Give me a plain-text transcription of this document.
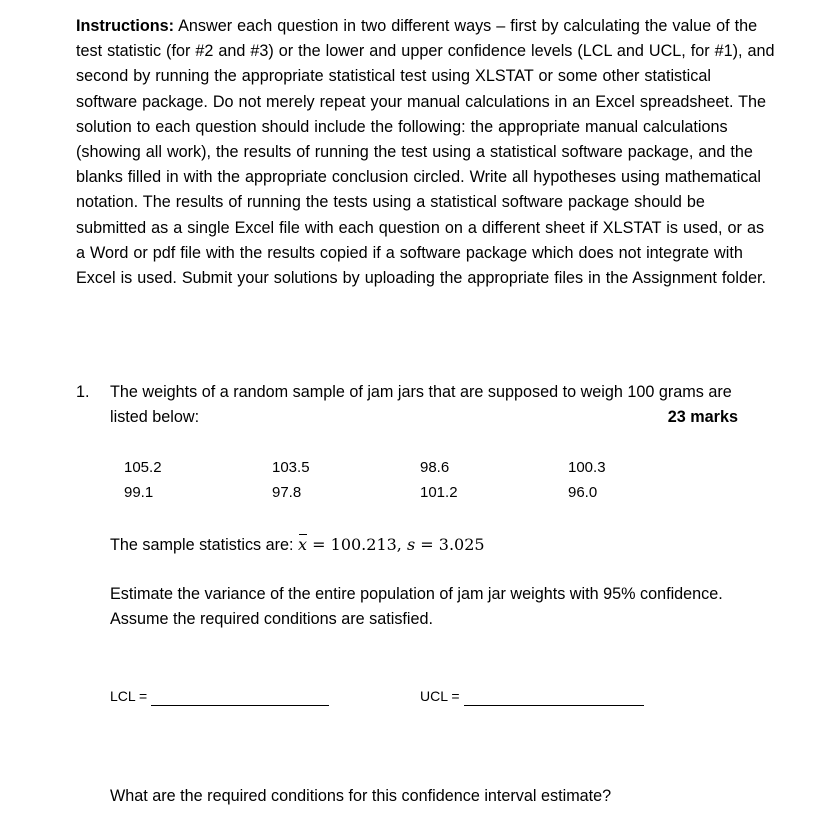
Instructions: Answer each question in two different ways – first by calculating the value of the test statistic (for #2 and #3) or the lower and upper confidence levels (LCL and UCL, for #1), and second by running the appropriate statistical test using XLSTAT or some other statistical software package. Do not merely repeat your manual calculations in an Excel spreadsheet. The solution to each question should include the following: the appropriate manual calculations (showing all work), the results of running the test using a statistical software package, and the blanks filled in with the appropriate conclusion circled. Write all hypotheses using mathematical notation. The results of running the tests using a statistical software package should be submitted as a single Excel file with each question on a different sheet if XLSTAT is used, or as a Word or pdf file with the results copied if a software package which does not integrate with Excel is used. Submit your solutions by uploading the appropriate files in the Assignment folder.
1. The weights of a random sample of jam jars that are supposed to weigh 100 grams are listed below:	23 marks
105.2	103.5	98.6	100.3
99.1	97.8	101.2	96.0
The sample statistics are: x = 100.213, s = 3.025
Estimate the variance of the entire population of jam jar weights with 95% confidence. Assume the required conditions are satisfied.
LCL =	UCL =
What are the required conditions for this confidence interval estimate?
